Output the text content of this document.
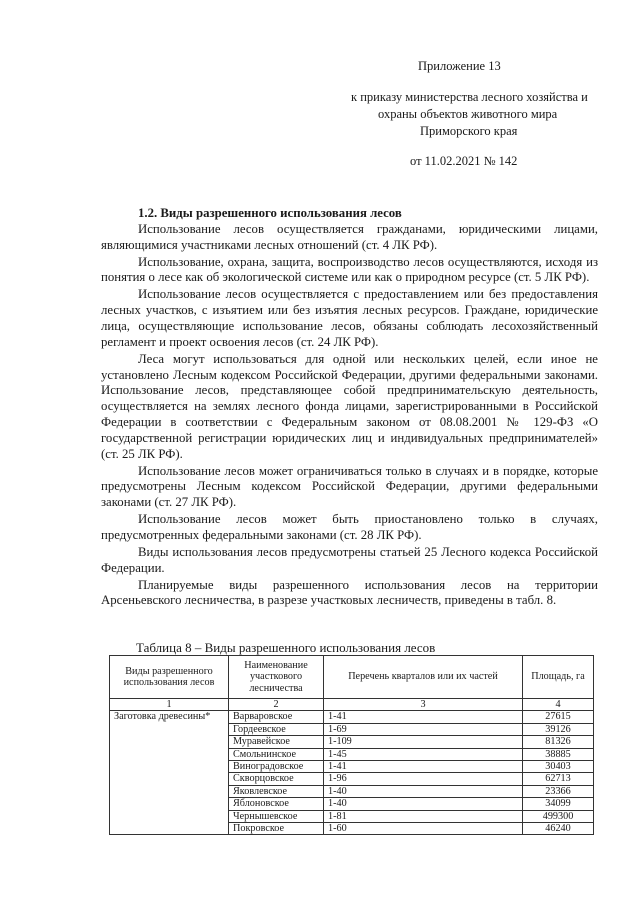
Приложение 13
к приказу министерства лесного хозяйства и
охраны объектов животного мира
Приморского края
от 11.02.2021 № 142
1.2. Виды разрешенного использования лесов

Использование лесов осуществляется гражданами, юридическими лицами, являющимися участниками лесных отношений (ст. 4 ЛК РФ).

Использование, охрана, защита, воспроизводство лесов осуществляются, исходя из понятия о лесе как об экологической системе или как о природном ресурсе (ст. 5 ЛК РФ).

Использование лесов осуществляется с предоставлением или без предоставления лесных участков, с изъятием или без изъятия лесных ресурсов. Граждане, юридические лица, осуществляющие использование лесов, обязаны соблюдать лесохозяйственный регламент и проект освоения лесов (ст. 24 ЛК РФ).

Леса могут использоваться для одной или нескольких целей, если иное не установлено Лесным кодексом Российской Федерации, другими федеральными законами. Использование лесов, представляющее собой предпринимательскую деятельность, осуществляется на землях лесного фонда лицами, зарегистрированными в Российской Федерации в соответствии с Федеральным законом от 08.08.2001 № 129-ФЗ «О государственной регистрации юридических лиц и индивидуальных предпринимателей» (ст. 25 ЛК РФ).

Использование лесов может ограничиваться только в случаях и в порядке, которые предусмотрены Лесным кодексом Российской Федерации, другими федеральными законами (ст. 27 ЛК РФ).

Использование лесов может быть приостановлено только в случаях, предусмотренных федеральными законами (ст. 28 ЛК РФ).

Виды использования лесов предусмотрены статьей 25 Лесного кодекса Российской Федерации.

Планируемые виды разрешенного использования лесов на территории Арсеньевского лесничества, в разрезе участковых лесничеств, приведены в табл. 8.

Таблица 8 – Виды разрешенного использования лесов
Виды разрешенного использования лесов	Наименование участкового лесничества	Перечень кварталов или их частей	Площадь, га
1	2	3	4
Заготовка древесины*	Варваровское	1-41	27615
	Гордеевское	1-69	39126
	Муравейское	1-109	81326
	Смольнинское	1-45	38885
	Виноградовское	1-41	30403
	Скворцовское	1-96	62713
	Яковлевское	1-40	23366
	Яблоновское	1-40	34099
	Чернышевское	1-81	499300
	Покровское	1-60	46240
